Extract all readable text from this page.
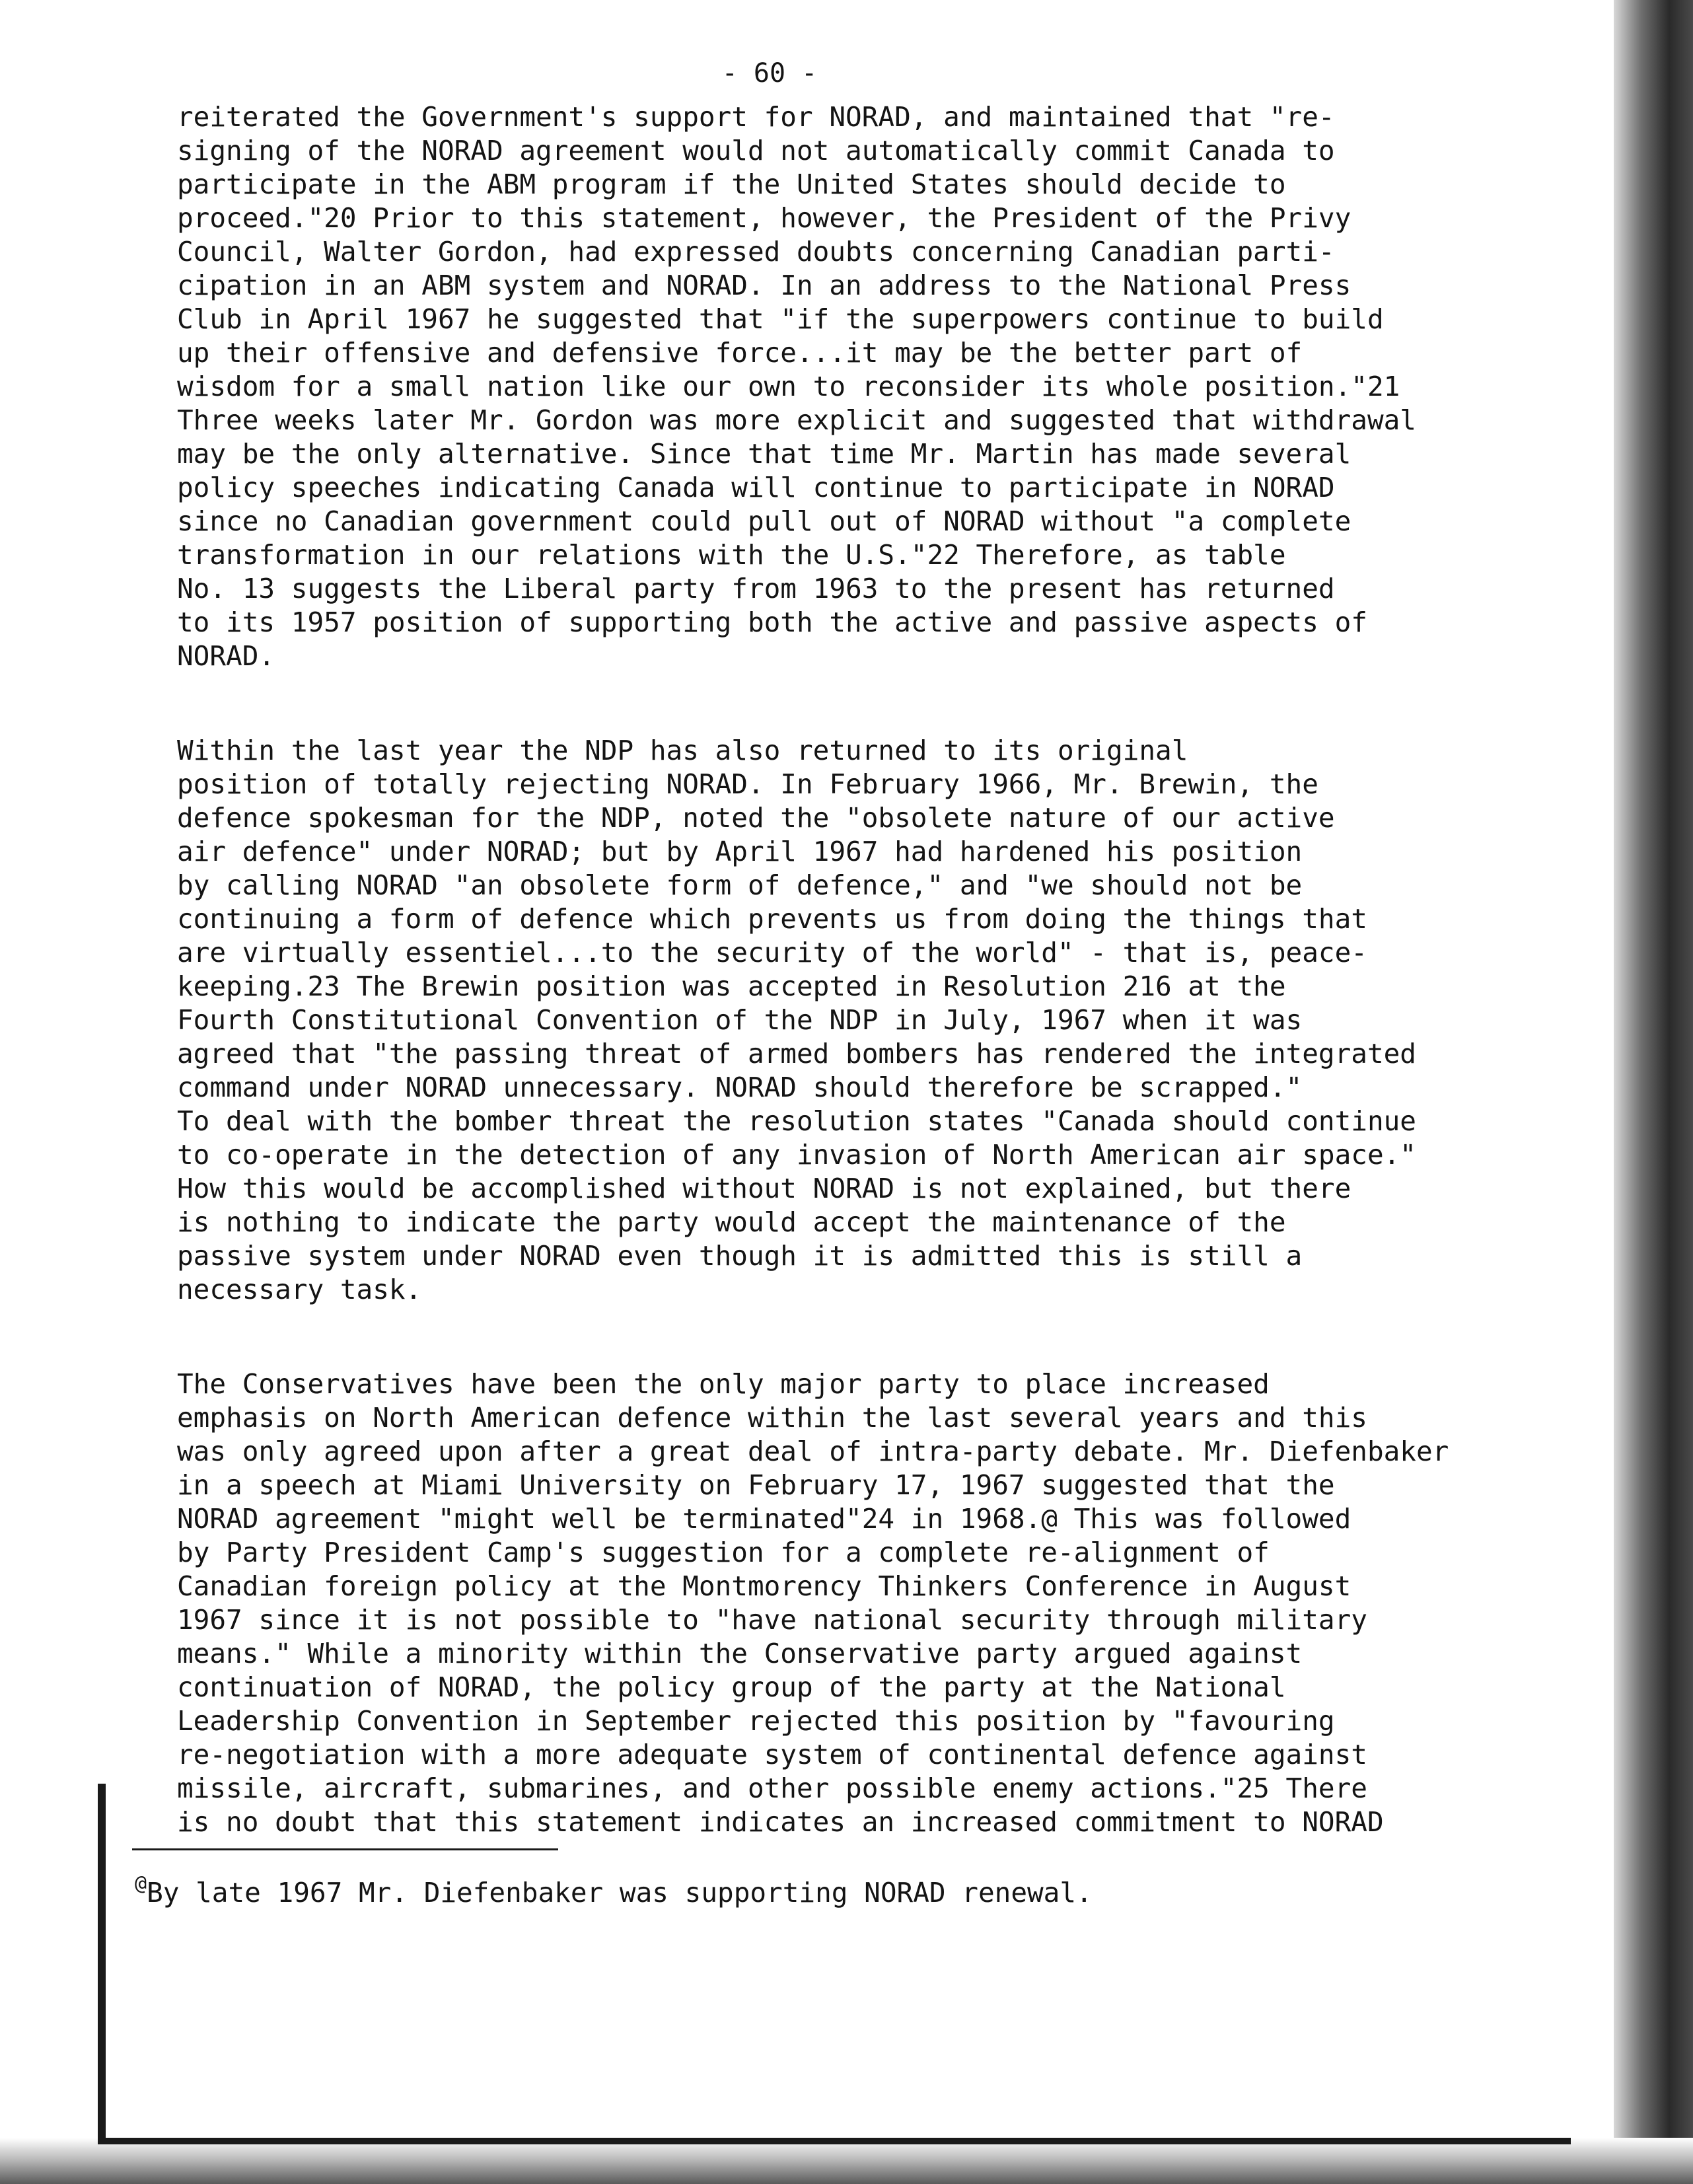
- 60 -

reiterated the Government's support for NORAD, and maintained that "re-
signing of the NORAD agreement would not automatically commit Canada to
participate in the ABM program if the United States should decide to
proceed."20 Prior to this statement, however, the President of the Privy
Council, Walter Gordon, had expressed doubts concerning Canadian parti-
cipation in an ABM system and NORAD. In an address to the National Press
Club in April 1967 he suggested that "if the superpowers continue to build
up their offensive and defensive force...it may be the better part of
wisdom for a small nation like our own to reconsider its whole position."21
Three weeks later Mr. Gordon was more explicit and suggested that withdrawal
may be the only alternative. Since that time Mr. Martin has made several
policy speeches indicating Canada will continue to participate in NORAD
since no Canadian government could pull out of NORAD without "a complete
transformation in our relations with the U.S."22 Therefore, as table
No. 13 suggests the Liberal party from 1963 to the present has returned
to its 1957 position of supporting both the active and passive aspects of
NORAD.

Within the last year the NDP has also returned to its original
position of totally rejecting NORAD. In February 1966, Mr. Brewin, the
defence spokesman for the NDP, noted the "obsolete nature of our active
air defence" under NORAD; but by April 1967 had hardened his position
by calling NORAD "an obsolete form of defence," and "we should not be
continuing a form of defence which prevents us from doing the things that
are virtually essentiel...to the security of the world" - that is, peace-
keeping.23 The Brewin position was accepted in Resolution 216 at the
Fourth Constitutional Convention of the NDP in July, 1967 when it was
agreed that "the passing threat of armed bombers has rendered the integrated
command under NORAD unnecessary. NORAD should therefore be scrapped."
To deal with the bomber threat the resolution states "Canada should continue
to co-operate in the detection of any invasion of North American air space."
How this would be accomplished without NORAD is not explained, but there
is nothing to indicate the party would accept the maintenance of the
passive system under NORAD even though it is admitted this is still a
necessary task.

The Conservatives have been the only major party to place increased
emphasis on North American defence within the last several years and this
was only agreed upon after a great deal of intra-party debate. Mr. Diefenbaker
in a speech at Miami University on February 17, 1967 suggested that the
NORAD agreement "might well be terminated"24 in 1968.@ This was followed
by Party President Camp's suggestion for a complete re-alignment of
Canadian foreign policy at the Montmorency Thinkers Conference in August
1967 since it is not possible to "have national security through military
means." While a minority within the Conservative party argued against
continuation of NORAD, the policy group of the party at the National
Leadership Convention in September rejected this position by "favouring
re-negotiation with a more adequate system of continental defence against
missile, aircraft, submarines, and other possible enemy actions."25 There
is no doubt that this statement indicates an increased commitment to NORAD

@By late 1967 Mr. Diefenbaker was supporting NORAD renewal.
